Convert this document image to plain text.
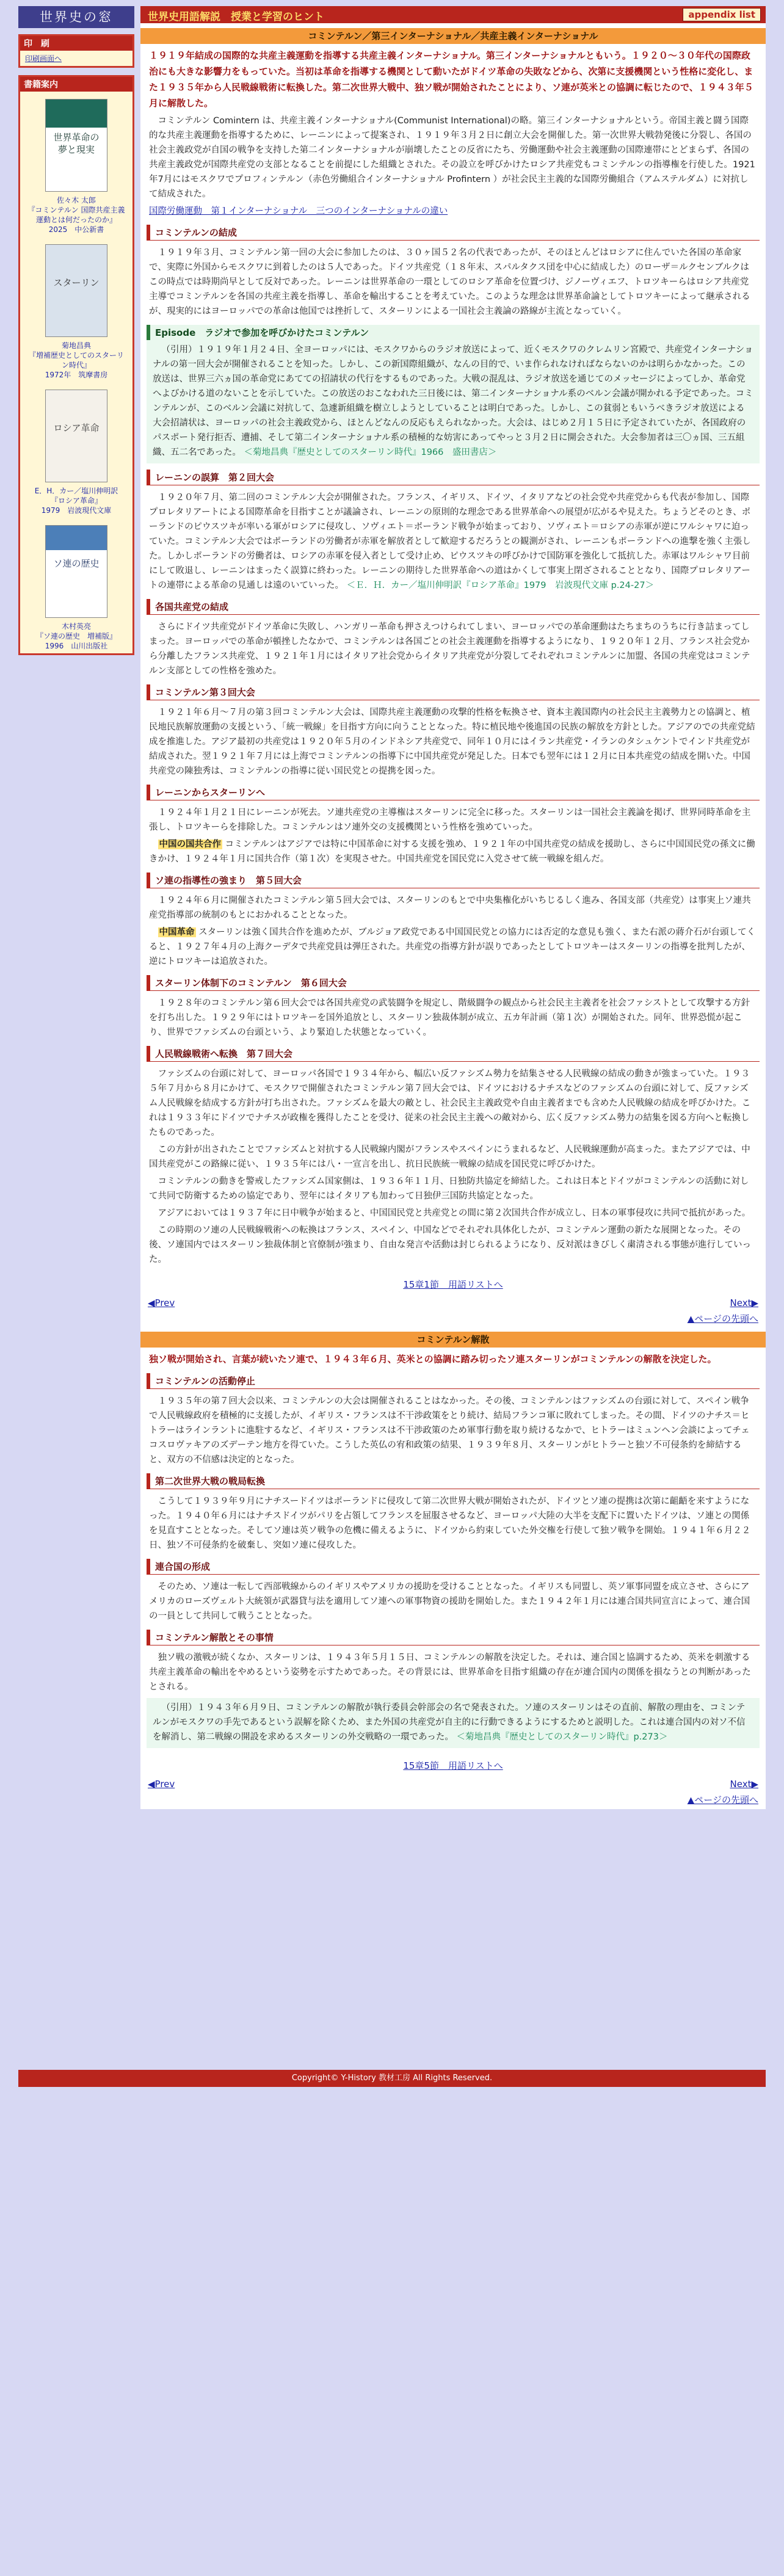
世界史の窓
印　刷
印刷画面へ
書籍案内
世界革命の夢と現実
佐々木 太郎
『コミンテルン 国際共産主義運動とは何だったのか』
2025　中公新書
スターリン
菊地昌典
『増補歴史としてのスターリン時代』
1972年　筑摩書房
ロシア革命
E．H．カー／塩川伸明訳
『ロシア革命』
1979　岩波現代文庫
ソ連の歴史
木村英亮
『ソ連の歴史　増補版』
1996　山川出版社
世界史用語解説　授業と学習のヒント	appendix list
コミンテルン／第三インターナショナル／共産主義インターナショナル
１９１９年結成の国際的な共産主義運動を指導する共産主義インターナショナル。第三インターナショナルともいう。１９２０～３０年代の国際政治にも大きな影響力をもっていた。当初は革命を指導する機関として動いたがドイツ革命の失敗などから、次第に支援機関という性格に変化し、また１９３５年から人民戦線戦術に転換した。第二次世界大戦中、独ソ戦が開始されたことにより、ソ連が英米との協調に転じたので、１９４３年５月に解散した。
コミンテルン Comintern は、共産主義インターナショナル(Communist International)の略。第三インターナショナルという。帝国主義と闘う国際的な共産主義運動を指導するために、レーニンによって提案され、１９１９年３月２日に創立大会を開催した。第一次世界大戦勃発後に分裂し、各国の社会主義政党が自国の戦争を支持した第二インターナショナルが崩壊したことの反省にたち、労働運動や社会主義運動の国際連帯にとどまらず、各国の共産主義政党が国際共産党の支部となることを前提にした組織とされた。その設立を呼びかけたロシア共産党もコミンテルンの指導権を行使した。1921年7月にはモスクワでプロフィンテルン（赤色労働組合インターナショナル Profintern ）が社会民主主義的な国際労働組合（アムステルダム）に対抗して結成された。
国際労働運動　第１インターナショナル　三つのインターナショナルの違い
コミンテルンの結成
１９１９年３月、コミンテルン第一回の大会に参加したのは、３０ヶ国５２名の代表であったが、そのほとんどはロシアに住んでいた各国の革命家で、実際に外国からモスクワに到着したのは５人であった。ドイツ共産党（１８年末、スパルタクス団を中心に結成した）のローザ＝ルクセンブルクはこの時点では時期尚早として反対であった。レーニンは世界革命の一環としてのロシア革命を位置づけ、ジノーヴィエフ、トロツキーらはロシア共産党主導でコミンテルンを各国の共産主義を指導し、革命を輸出することを考えていた。このような理念は世界革命論としてトロツキーによって継承されるが、現実的にはヨーロッパでの革命は他国では挫折して、スターリンによる一国社会主義論の路線が主流となっていく。
Episode　ラジオで参加を呼びかけたコミンテルン
（引用）１９１９年１月２４日、全ヨーロッパには、モスクワからのラジオ放送によって、近くモスクワのクレムリン宮殿で、共産党インターナショナルの第一回大会が開催されることを知った。しかし、この新国際組織が、なんの目的で、いま作られなければならないのかは明らかなかった。この放送は、世界三六ヵ国の革命党にあてての招請状の代行をするものであった。大戦の混乱は、ラジオ放送を通じてのメッセージによってしか、革命党へよびかける道のないことを示していた。この放送のおこなわれた三日後には、第二インターナショナル系のベルン会議が開かれる予定であった。コミンテルンが、このベルン会議に対抗して、急遽新組織を樹立しようとしていることは明白であった。しかし、この貧弱ともいうべきラジオ放送による大会招請状は、ヨーロッパの社会主義政党から、ほとんどなんの反応もえられなかった。大会は、はじめ２月１５日に予定されていたが、各国政府のパスポート発行拒否、遭捕、そして第二インターナショナル系の積極的な妨害にあってやっと３月２日に開会された。大会参加者は三〇ヵ国、三五組織、五二名であった。 ＜菊地昌典『歴史としてのスターリン時代』1966　盛田書店＞
レーニンの誤算　第２回大会
１９２０年７月、第二回のコミンテルン大会が開催された。フランス、イギリス、ドイツ、イタリアなどの社会党や共産党からも代表が参加し、国際プロレタリアートによる国際革命を目指すことが議論され、レーニンの原則的な理念である世界革命への展望が広がるや見えた。ちょうどそのとき、ポーランドのピウスツキが率いる軍がロシアに侵攻し、ソヴィエト＝ポーランド戦争が始まっており、ソヴィエト＝ロシアの赤軍が逆にワルシャワに迫っていた。コミンテルン大会ではポーランドの労働者が赤軍を解放者として歓迎するだろうとの観測がされ、レーニンもポーランドへの進撃を強く主張した。しかしポーランドの労働者は、ロシアの赤軍を侵入者として受け止め、ピウスツキの呼びかけで国防軍を強化して抵抗した。赤軍はワルシャワ目前にして敗退し、レーニンはまったく誤算に終わった。レーニンの期待した世界革命への道はかくして事実上閉ざされることとなり、国際プロレタリアートの連帯による革命の見通しは遠のいていった。 ＜Ｅ．Ｈ．カー／塩川伸明訳『ロシア革命』1979　岩波現代文庫 p.24-27＞
各国共産党の結成
さらにドイツ共産党がドイツ革命に失敗し、ハンガリー革命も押さえつけられてしまい、ヨーロッパでの革命運動はたちまちのうちに行き詰まってしまった。ヨーロッパでの革命が頓挫したなかで、コミンテルンは各国ごとの社会主義運動を指導するようになり、１９２０年１２月、フランス社会党から分離したフランス共産党、１９２１年１月にはイタリア社会党からイタリア共産党が分裂してそれぞれコミンテルンに加盟、各国の共産党はコミンテルン支部としての性格を強めた。
コミンテルン第３回大会
１９２１年６月～７月の第３回コミンテルン大会は、国際共産主義運動の攻撃的性格を転換させ、資本主義国際内の社会民主主義勢力との協調と、植民地民族解放運動の支援という、「統一戦線」を目指す方向に向うこととなった。特に植民地や後進国の民族の解放を方針とした。アジアのでの共産党結成を推進した。アジア最初の共産党は１９２０年５月のインドネシア共産党で、同年１０月にはイラン共産党・イランのタシュケントでインド共産党が結成された。翌１９２１年７月には上海でコミンテルンの指導下に中国共産党が発足した。日本でも翌年には１２月に日本共産党の結成を開いた。中国共産党の陳独秀は、コミンテルンの指導に従い国民党との提携を図った。
レーニンからスターリンへ
１９２４年１月２１日にレーニンが死去。ソ連共産党の主導権はスターリンに完全に移った。スターリンは一国社会主義論を掲げ、世界同時革命を主張し、トロツキーらを排除した。コミンテルンはソ連外交の支援機関という性格を強めていった。
中国の国共合作 コミンテルンはアジアでは特に中国革命に対する支援を強め、１９２１年の中国共産党の結成を援助し、さらに中国国民党の孫文に働きかけ、１９２４年１月に国共合作（第１次）を実現させた。中国共産党を国民党に入党させて統一戦線を組んだ。
ソ連の指導性の強まり　第５回大会
１９２４年６月に開催されたコミンテルン第５回大会では、スターリンのもとで中央集権化がいちじるしく進み、各国支部（共産党）は事実上ソ連共産党指導部の統制のもとにおかれることとなった。
中国革命 スターリンは強く国共合作を進めたが、ブルジョア政党である中国国民党との協力には否定的な意見も強く、また右派の蔣介石が台頭してくると、１９２７年４月の上海クーデタで共産党員は弾圧された。共産党の指導方針が誤りであったとしてトロツキーはスターリンの指導を批判したが、逆にトロツキーは追放された。
スターリン体制下のコミンテルン　第６回大会
１９２８年のコミンテルン第６回大会では各国共産党の武装闘争を規定し、階級闘争の観点から社会民主主義者を社会ファシストとして攻撃する方針を打ち出した。１９２９年にはトロツキーを国外追放とし、スターリン独裁体制が成立、五カ年計画（第１次）が開始された。同年、世界恐慌が起こり、世界でファシズムの台頭という、より緊迫した状態となっていく。
人民戦線戦術へ転換　第７回大会
ファシズムの台頭に対して、ヨーロッパ各国で１９３４年から、幅広い反ファシズム勢力を結集させる人民戦線の結成の動きが強まっていた。１９３５年７月から８月にかけて、モスクワで開催されたコミンテルン第７回大会では、ドイツにおけるナチスなどのファシズムの台頭に対して、反ファシズム人民戦線を結成する方針が打ち出された。ファシズムを最大の敵とし、社会民主主義政党や自由主義者までも含めた人民戦線の結成を呼びかけた。これは１９３３年にドイツでナチスが政権を獲得したことを受け、従来の社会民主主義への敵対から、広く反ファシズム勢力の結集を図る方向へと転換したものであった。
この方針が出されたことでファシズムと対抗する人民戦線内閣がフランスやスペインにうまれるなど、人民戦線運動が高まった。またアジアでは、中国共産党がこの路線に従い、１９３５年には八・一宣言を出し、抗日民族統一戦線の結成を国民党に呼びかけた。
コミンテルンの動きを警戒したファシズム国家側は、１９３６年１１月、日独防共協定を締結した。これは日本とドイツがコミンテルンの活動に対して共同で防衛するための協定であり、翌年にはイタリアも加わって日独伊三国防共協定となった。
アジアにおいては１９３７年に日中戦争が始まると、中国国民党と共産党との間に第２次国共合作が成立し、日本の軍事侵攻に共同で抵抗があった。
この時期のソ連の人民戦線戦術への転換はフランス、スペイン、中国などでそれぞれ具体化したが、コミンテルン運動の新たな展開となった。その後、ソ連国内ではスターリン独裁体制と官僚制が強まり、自由な発言や活動は封じられるようになり、反対派はきびしく粛清される事態が進行していった。
15章1節　用語リストへ
◀Prev	Next▶
▲ページの先頭へ
コミンテルン解散
独ソ戦が開始され、言葉が続いたソ連で、１９４３年６月、英米との協調に踏み切ったソ連スターリンがコミンテルンの解散を決定した。
コミンテルンの活動停止
１９３５年の第７回大会以来、コミンテルンの大会は開催されることはなかった。その後、コミンテルンはファシズムの台頭に対して、スペイン戦争で人民戦線政府を積極的に支援したが、イギリス・フランスは不干渉政策をとり続け、結局フランコ軍に敗れてしまった。その間、ドイツのナチス＝ヒトラーはラインラントに進駐するなど、イギリス・フランスは不干渉政策のため軍事行動を取り続けるなかで、ヒトラーはミュンヘン会談によってチェコスロヴァキアのズデーテン地方を得ていた。こうした英仏の宥和政策の結果、１９３９年８月、スターリンがヒトラーと独ソ不可侵条約を締結すると、双方の不信感は決定的となった。
第二次世界大戦の戦局転換
こうして１９３９年９月にナチスードイツはポーランドに侵攻して第二次世界大戦が開始されたが、ドイツとソ連の提携は次第に齟齬を来すようになった。１９４０年６月にはナチスドイツがパリを占領してフランスを屈服させるなど、ヨーロッパ大陸の大半を支配下に置いたドイツは、ソ連との関係を見直すこととなった。そしてソ連は英ソ戦争の危機に備えるように、ドイツから約束していた外交権を行使して独ソ戦争を開始。１９４１年６月２２日、独ソ不可侵条約を破棄し、突如ソ連に侵攻した。
連合国の形成
そのため、ソ連は一転して西部戦線からのイギリスやアメリカの援助を受けることとなった。イギリスも同盟し、英ソ軍事同盟を成立させ、さらにアメリカのローズヴェルト大統領が武器貸与法を適用してソ連への軍事物資の援助を開始した。また１９４２年１月には連合国共同宣言によって、連合国の一員として共同して戦うこととなった。
コミンテルン解散とその事情
独ソ戦の激戦が続くなか、スターリンは、１９４３年５月１５日、コミンテルンの解散を決定した。それは、連合国と協調するため、英米を刺激する共産主義革命の輸出をやめるという姿勢を示すためであった。その背景には、世界革命を目指す組織の存在が連合国内の関係を損なうとの判断があったとされる。
（引用）１９４３年６月９日、コミンテルンの解散が執行委員会幹部会の名で発表された。ソ連のスターリンはその直前、解散の理由を、コミンテルンがモスクワの手先であるという誤解を除くため、また外国の共産党が自主的に行動できるようにするためと説明した。これは連合国内の対ソ不信を解消し、第二戦線の開設を求めるスターリンの外交戦略の一環であった。 ＜菊地昌典『歴史としてのスターリン時代』p.273＞
15章5節　用語リストへ
◀Prev	Next▶
▲ページの先頭へ
Copyright© Y-History 教材工房 All Rights Reserved.
